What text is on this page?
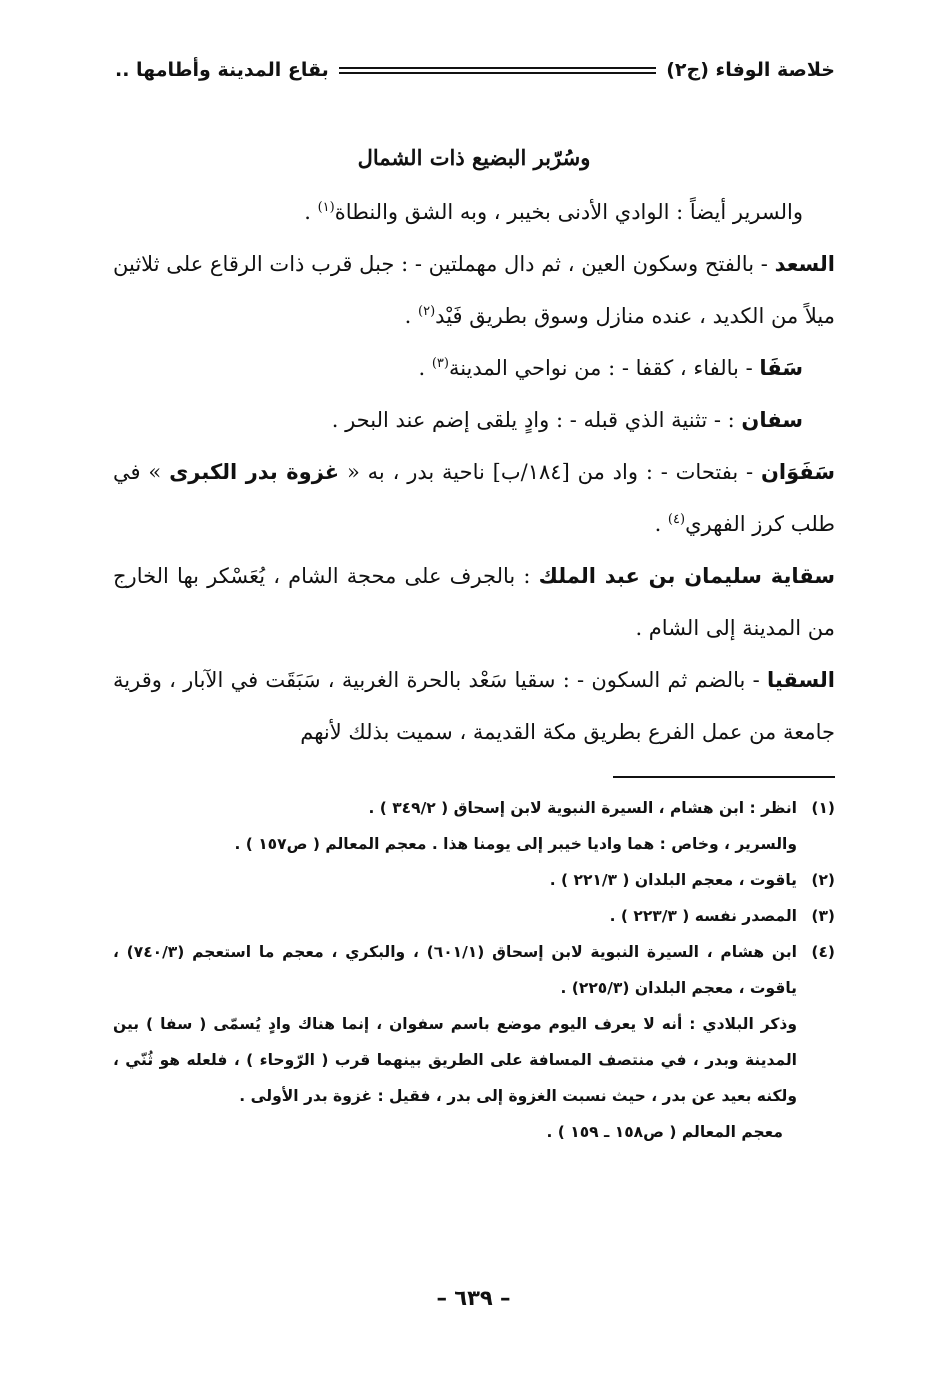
خلاصة الوفاء (ج٢)
بقاع المدينة وأطامها ..

وسُرّبر البضيع ذات الشمال

والسرير أيضاً : الوادي الأدنى بخيبر ، وبه الشق والنطاة$^{(١)}$ .

السعد - بالفتح وسكون العين ، ثم دال مهملتين - : جبل قرب ذات الرقاع على ثلاثين ميلاً من الكديد ، عنده منازل وسوق بطريق فَيْد$^{(٢)}$ .

سَفَا - بالفاء ، كقفا - : من نواحي المدينة$^{(٣)}$ .

سفان : - تثنية الذي قبله - : وادٍ يلقى إضم عند البحر .

سَفَوَان - بفتحات - : واد من [١٨٤/ب] ناحية بدر ، به « غزوة بدر الكبرى » في طلب كرز الفهري$^{(٤)}$ .

سقاية سليمان بن عبد الملك : بالجرف على محجة الشام ، يُعَسْكر بها الخارج من المدينة إلى الشام .

السقيا - بالضم ثم السكون - : سقيا سَعْد بالحرة الغربية ، سَبَقَت في الآبار ، وقرية جامعة من عمل الفرع بطريق مكة القديمة ، سميت بذلك لأنهم

(١)
انظر : ابن هشام ، السيرة النبوية لابن إسحاق ( ٣٤٩/٢ ) .
والسرير ، وخاص : هما واديا خيبر إلى يومنا هذا . معجم المعالم ( ص١٥٧ ) .
(٢)
ياقوت ، معجم البلدان ( ٢٢١/٣ ) .
(٣)
المصدر نفسه ( ٢٢٣/٣ ) .
(٤)
ابن هشام ، السيرة النبوية لابن إسحاق (٦٠١/١) ، والبكري ، معجم ما استعجم (٧٤٠/٣) ، ياقوت ، معجم البلدان (٢٢٥/٣) .
وذكر البلادي : أنه لا يعرف اليوم موضع باسم سفوان ، إنما هناك وادٍ يُسمّى ( سفا ) بين المدينة وبدر ، في منتصف المسافة على الطريق بينهما قرب ( الرّوحاء ) ، فلعله هو ثُنّي ، ولكنه بعيد عن بدر ، حيث نسبت الغزوة إلى بدر ، فقيل : غزوة بدر الأولى .
معجم المعالم ( ص١٥٨ ـ ١٥٩ ) .
– ٦٣٩ –
